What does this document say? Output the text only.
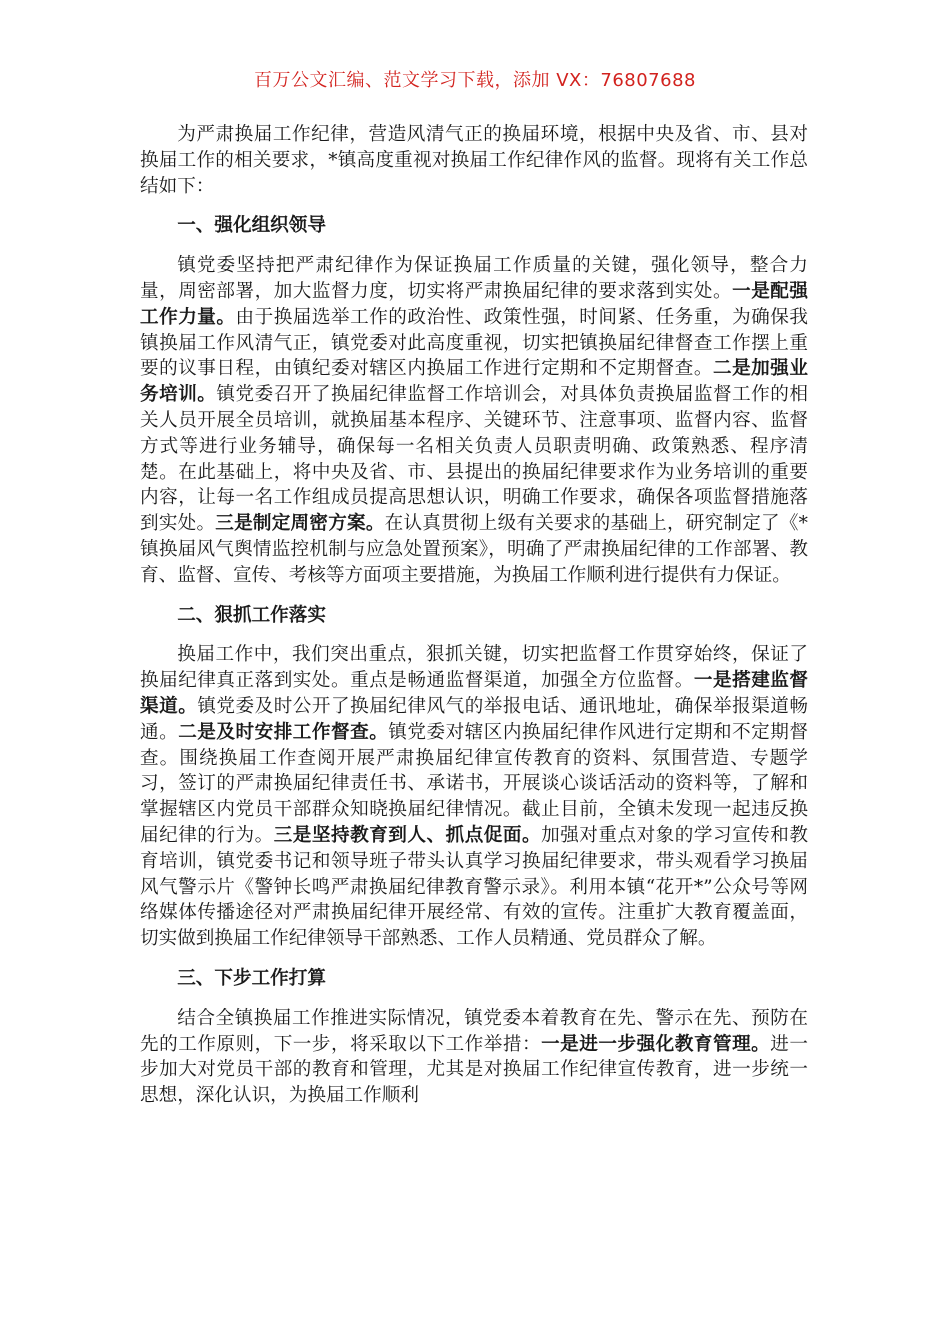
百万公文汇编、范文学习下载，添加 VX：76807688

为严肃换届工作纪律，营造风清气正的换届环境，根据中央及省、市、县对换届工作的相关要求，*镇高度重视对换届工作纪律作风的监督。现将有关工作总结如下：

一、强化组织领导

镇党委坚持把严肃纪律作为保证换届工作质量的关键，强化领导，整合力量，周密部署，加大监督力度，切实将严肃换届纪律的要求落到实处。一是配强工作力量。由于换届选举工作的政治性、政策性强，时间紧、任务重，为确保我镇换届工作风清气正，镇党委对此高度重视，切实把镇换届纪律督查工作摆上重要的议事日程，由镇纪委对辖区内换届工作进行定期和不定期督查。二是加强业务培训。镇党委召开了换届纪律监督工作培训会，对具体负责换届监督工作的相关人员开展全员培训，就换届基本程序、关键环节、注意事项、监督内容、监督方式等进行业务辅导，确保每一名相关负责人员职责明确、政策熟悉、程序清楚。在此基础上，将中央及省、市、县提出的换届纪律要求作为业务培训的重要内容，让每一名工作组成员提高思想认识，明确工作要求，确保各项监督措施落到实处。三是制定周密方案。在认真贯彻上级有关要求的基础上，研究制定了《*镇换届风气舆情监控机制与应急处置预案》，明确了严肃换届纪律的工作部署、教育、监督、宣传、考核等方面项主要措施，为换届工作顺利进行提供有力保证。

二、狠抓工作落实

换届工作中，我们突出重点，狠抓关键，切实把监督工作贯穿始终，保证了换届纪律真正落到实处。重点是畅通监督渠道，加强全方位监督。一是搭建监督渠道。镇党委及时公开了换届纪律风气的举报电话、通讯地址，确保举报渠道畅通。二是及时安排工作督查。镇党委对辖区内换届纪律作风进行定期和不定期督查。围绕换届工作查阅开展严肃换届纪律宣传教育的资料、氛围营造、专题学习，签订的严肃换届纪律责任书、承诺书，开展谈心谈话活动的资料等，了解和掌握辖区内党员干部群众知晓换届纪律情况。截止目前，全镇未发现一起违反换届纪律的行为。三是坚持教育到人、抓点促面。加强对重点对象的学习宣传和教育培训，镇党委书记和领导班子带头认真学习换届纪律要求，带头观看学习换届风气警示片《警钟长鸣严肃换届纪律教育警示录》。利用本镇“花开*”公众号等网络媒体传播途径对严肃换届纪律开展经常、有效的宣传。注重扩大教育覆盖面，切实做到换届工作纪律领导干部熟悉、工作人员精通、党员群众了解。

三、下步工作打算

结合全镇换届工作推进实际情况，镇党委本着教育在先、警示在先、预防在先的工作原则，下一步，将采取以下工作举措：一是进一步强化教育管理。进一步加大对党员干部的教育和管理，尤其是对换届工作纪律宣传教育，进一步统一思想，深化认识，为换届工作顺利
